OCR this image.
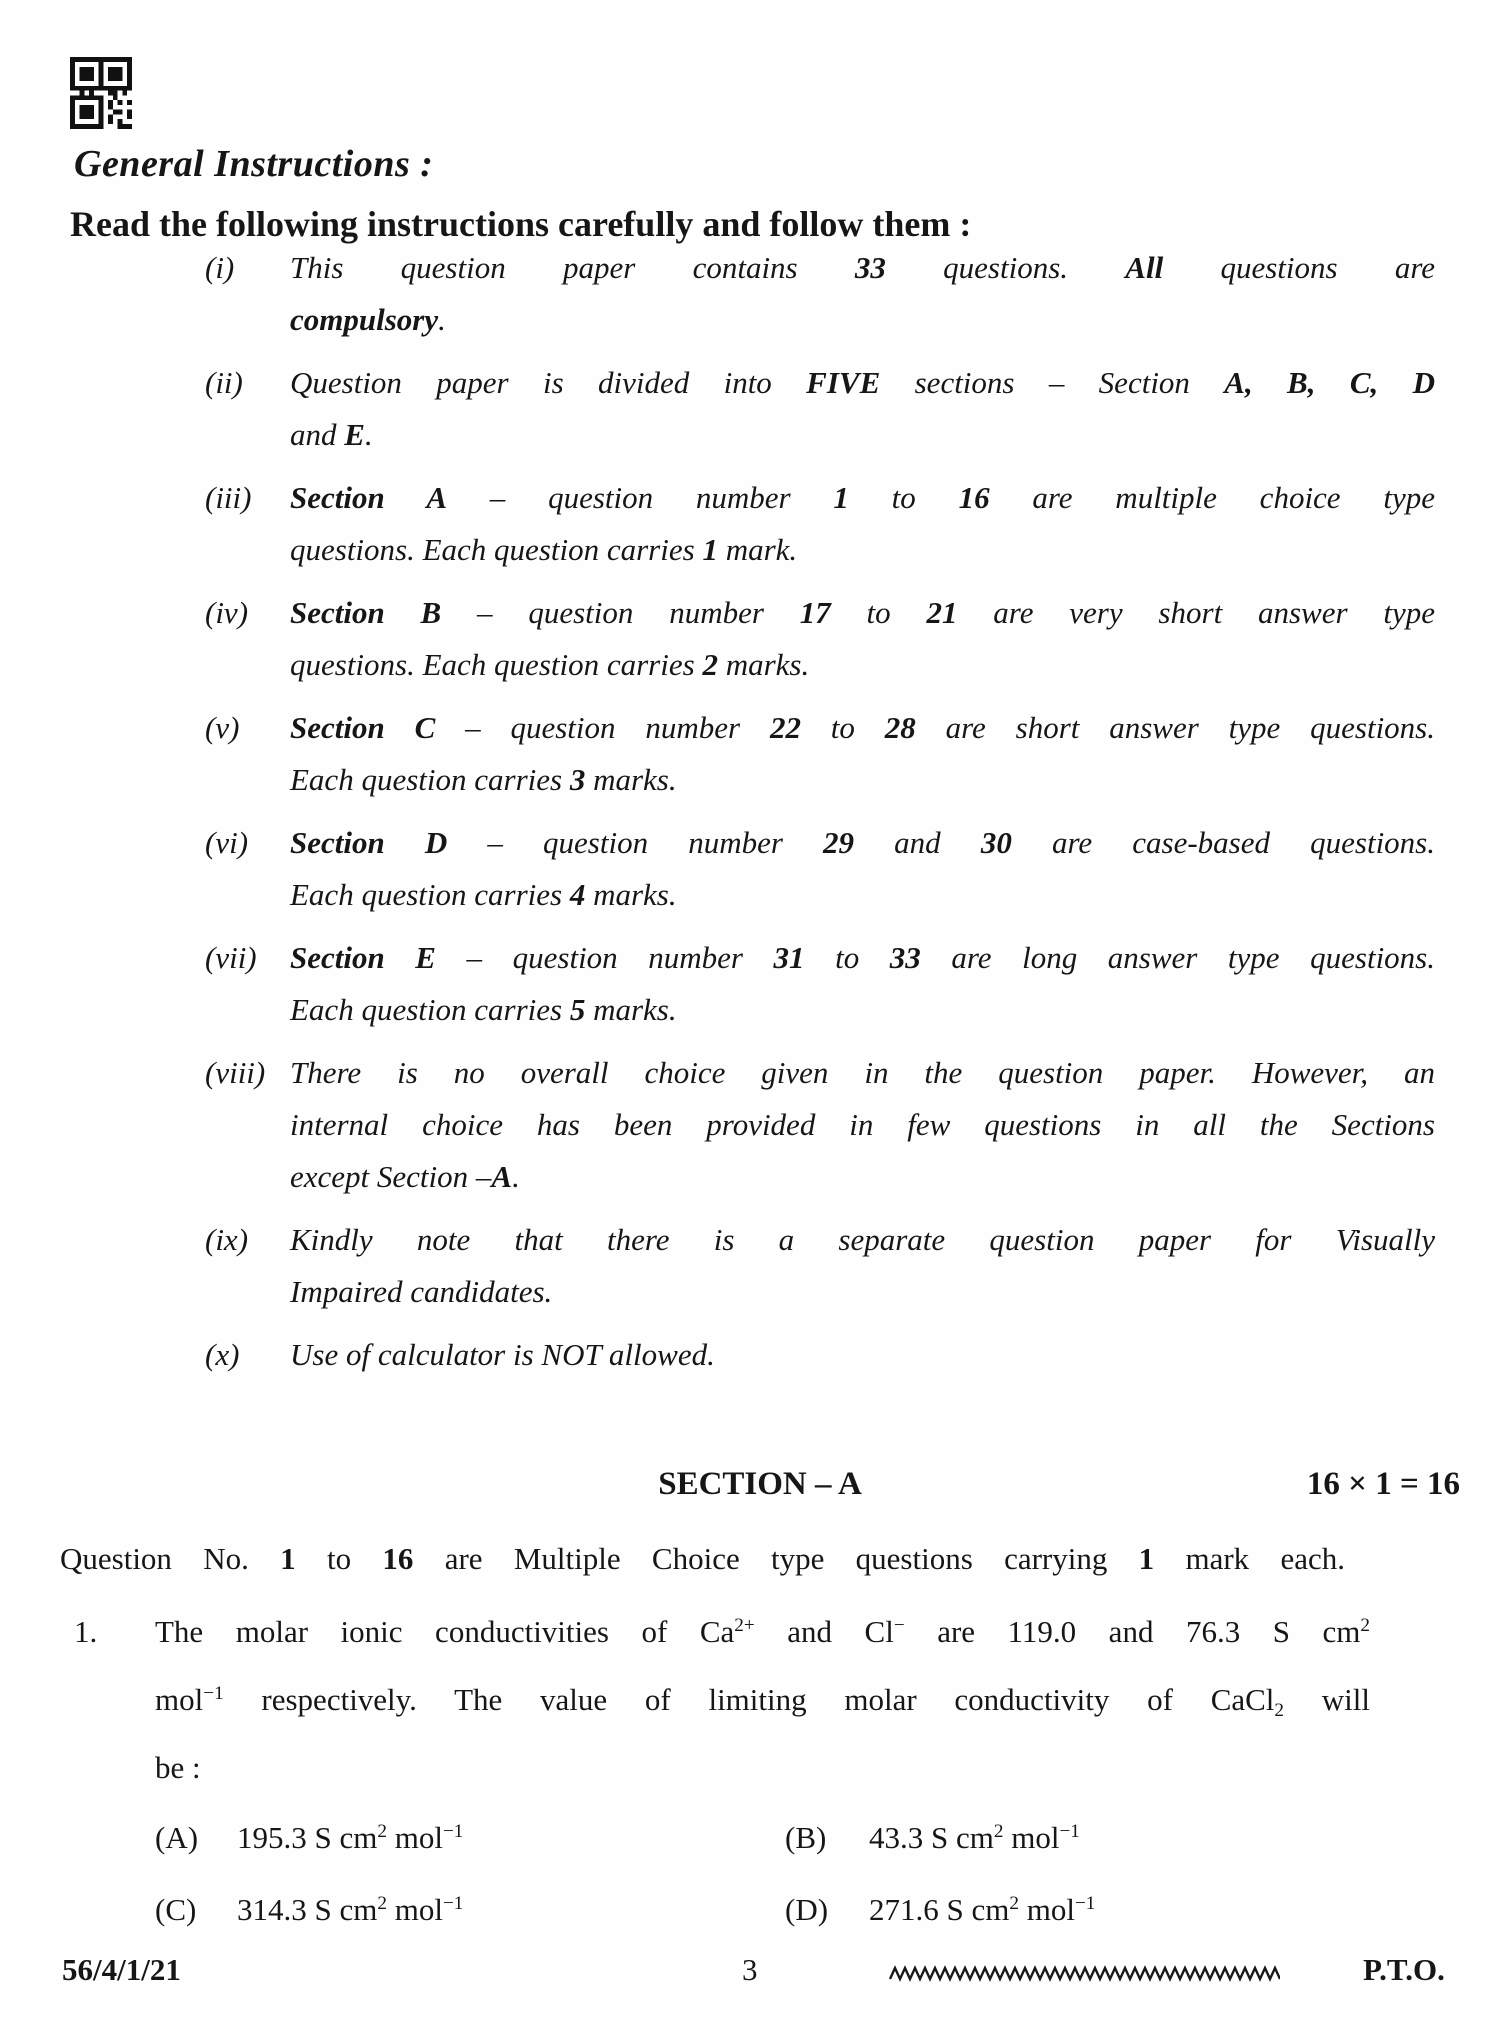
General Instructions :
Read the following instructions carefully and follow them :
(i)	This question paper contains 33 questions. All questions are
compulsory.
(ii)	Question paper is divided into FIVE sections – Section A, B, C, D
and E.
(iii)	Section A – question number 1 to 16 are multiple choice type
questions. Each question carries 1 mark.
(iv)	Section B – question number 17 to 21 are very short answer type
questions. Each question carries 2 marks.
(v)	Section C – question number 22 to 28 are short answer type questions.
Each question carries 3 marks.
(vi)	Section D – question number 29 and 30 are case-based questions.
Each question carries 4 marks.
(vii)	Section E – question number 31 to 33 are long answer type questions.
Each question carries 5 marks.
(viii) There is no overall choice given in the question paper. However, an
internal choice has been provided in few questions in all the Sections
except Section –A.
(ix)	Kindly note that there is a separate question paper for Visually
Impaired candidates.
(x)	Use of calculator is NOT allowed.
SECTION – A	16 × 1 = 16
Question No. 1 to 16 are Multiple Choice type questions carrying 1 mark each.
1. The molar ionic conductivities of $Ca^{2+}$ and Cl− are 119.0 and 76.3 S $cm^2$
mol$^{-1}$ respectively. The value of limiting molar conductivity of CaCl$_2$ will
be :
(A)	195.3 S $cm^2$ mol$^{-1}$	(B)	43.3 S $cm^2$ mol$^{-1}$
(C)	314.3 S $cm^2$ mol$^{-1}$	(D)	271.6 S $cm^2$ mol$^{-1}$
56/4/1/21	3	P.T.O.
